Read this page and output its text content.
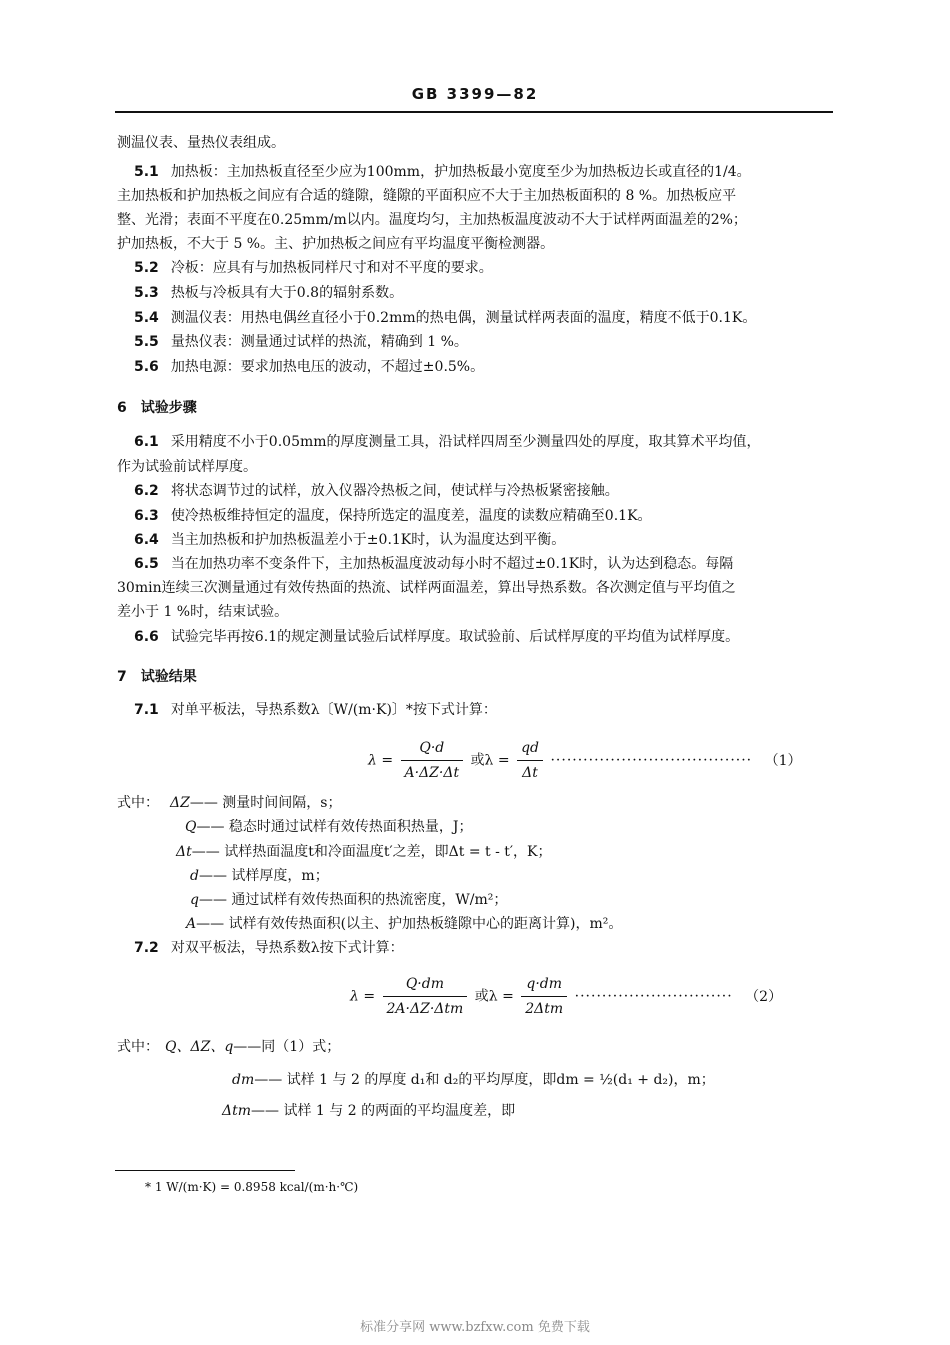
GB 3399—82
测温仪表、量热仪表组成。
5.1 加热板：主加热板直径至少应为100mm，护加热板最小宽度至少为加热板边长或直径的1/4。
主加热板和护加热板之间应有合适的缝隙，缝隙的平面积应不大于主加热板面积的 8 %。加热板应平
整、光滑；表面不平度在0.25mm/m以内。温度均匀，主加热板温度波动不大于试样两面温差的2%；
护加热板，不大于 5 %。主、护加热板之间应有平均温度平衡检测器。
5.2 冷板：应具有与加热板同样尺寸和对不平度的要求。
5.3 热板与冷板具有大于0.8的辐射系数。
5.4 测温仪表：用热电偶丝直径小于0.2mm的热电偶，测量试样两表面的温度，精度不低于0.1K。
5.5 量热仪表：测量通过试样的热流，精确到 1 %。
5.6 加热电源：要求加热电压的波动，不超过±0.5%。
6 试验步骤
6.1 采用精度不小于0.05mm的厚度测量工具，沿试样四周至少测量四处的厚度，取其算术平均值，
作为试验前试样厚度。
6.2 将状态调节过的试样，放入仪器冷热板之间，使试样与冷热板紧密接触。
6.3 使冷热板维持恒定的温度，保持所选定的温度差，温度的读数应精确至0.1K。
6.4 当主加热板和护加热板温差小于±0.1K时，认为温度达到平衡。
6.5 当在加热功率不变条件下，主加热板温度波动每小时不超过±0.1K时，认为达到稳态。每隔
30min连续三次测量通过有效传热面的热流、试样两面温差，算出导热系数。各次测定值与平均值之
差小于 1 %时，结束试验。
6.6 试验完毕再按6.1的规定测量试验后试样厚度。取试验前、后试样厚度的平均值为试样厚度。
7 试验结果
7.1 对单平板法，导热系数λ〔W/(m·K)〕*按下式计算：
$\lambda = \frac{Q\cdot d}{A\cdot\Delta Z\cdot\Delta t}$ 或$\lambda = \frac{qd}{\Delta t}$ ····································· （1）
式中： ΔZ—— 测量时间间隔，s；
Q—— 稳态时通过试样有效传热面积热量，J；
Δt—— 试样热面温度t和冷面温度t′之差，即Δt = t - t′，K；
d—— 试样厚度，m；
q—— 通过试样有效传热面积的热流密度，W/m²；
A—— 试样有效传热面积(以主、护加热板缝隙中心的距离计算)，m²。
7.2 对双平板法，导热系数λ按下式计算：
$\lambda = \frac{Q\cdot dm}{\text{2A·ΔZ·Δtm}}$ 或$\lambda = \frac{q\cdot dm}{\text{2Δtm}}$ ····························· （2）
式中： Q、ΔZ、q——同（1）式；
dm—— 试样 1 与 2 的厚度 d₁和 d₂的平均厚度，即dm = ½(d₁ + d₂)，m；
Δtm—— 试样 1 与 2 的两面的平均温度差，即
* 1 W/(m·K) = 0.8958 kcal/(m·h·℃)
标准分享网 www.bzfxw.com 免费下载
